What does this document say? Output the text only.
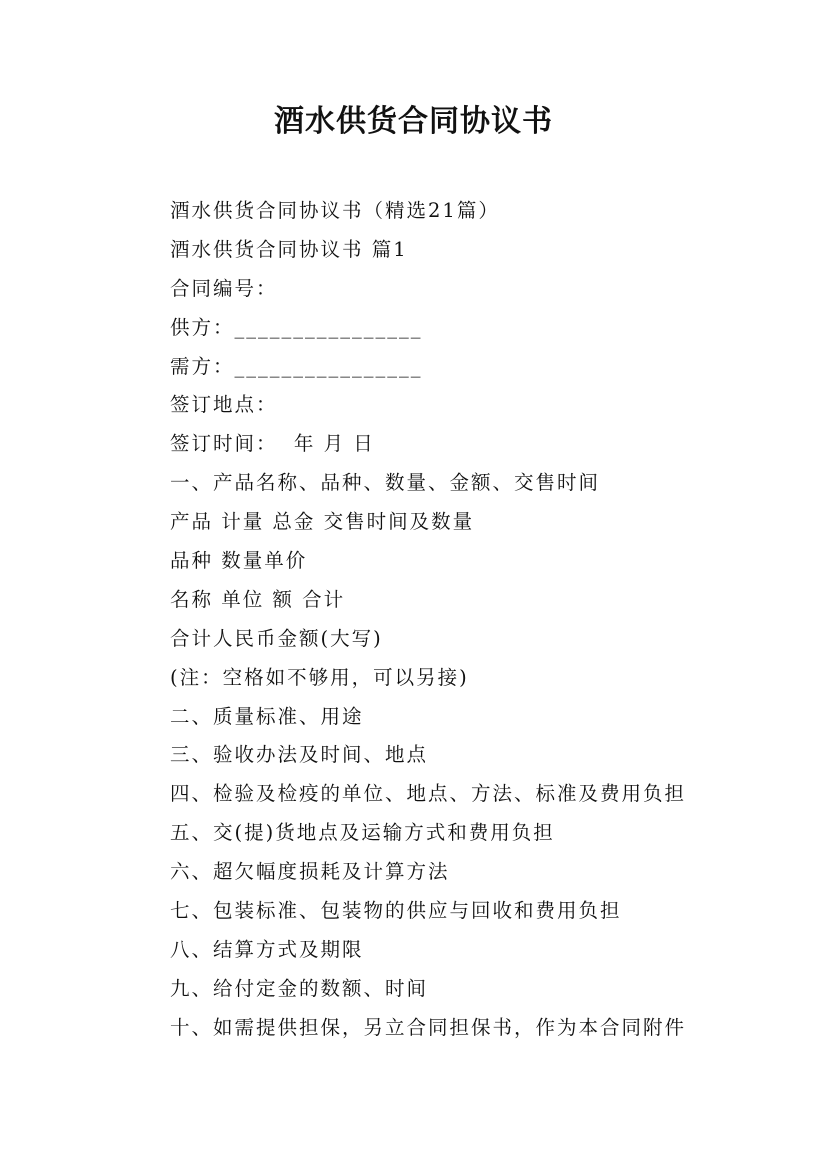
酒水供货合同协议书
酒水供货合同协议书（精选21篇）
酒水供货合同协议书 篇1
合同编号：
供方：________________
需方：________________
签订地点：
签订时间：  年 月 日
一、产品名称、品种、数量、金额、交售时间
产品 计量 总金 交售时间及数量
品种 数量单价
名称 单位 额 合计
合计人民币金额(大写)
(注：空格如不够用，可以另接)
二、质量标准、用途
三、验收办法及时间、地点
四、检验及检疫的单位、地点、方法、标准及费用负担
五、交(提)货地点及运输方式和费用负担
六、超欠幅度损耗及计算方法
七、包装标准、包装物的供应与回收和费用负担
八、结算方式及期限
九、给付定金的数额、时间
十、如需提供担保，另立合同担保书，作为本合同附件
